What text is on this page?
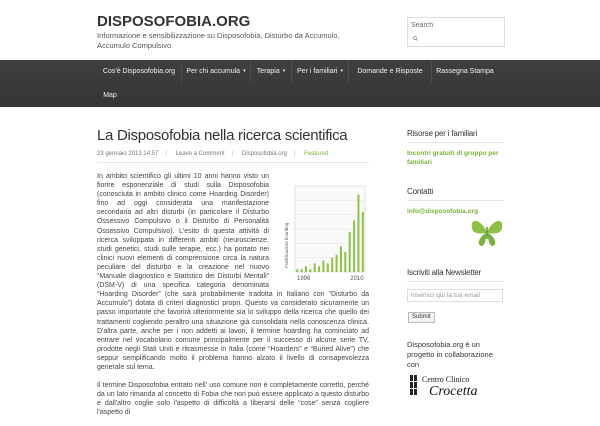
DISPOSOFOBIA.ORG
Informazione e sensibilizzazione su Disposofobia, Disturbo da Accumulo, Accumulo Compulsivo
Search
Cos'è Disposofobia.org	Per chi accumula ▾	Terapia ▾	Per i familiari ▾	Domande e Risposte	Rassegna Stampa
Map
La Disposofobia nella ricerca scientifica
23 gennaio 2013 14:57 | Leave a Comment | Disposofobia.org | Featured
1996	2010
Pubblicazioni hoarding

In ambito scientifico gli ultimi 10 anni hanno visto un fiorire esponenziale di studi sulla Disposofobia (conosciuta in ambito clinico come Hoarding Disorder) fino ad oggi considerata una manifestazione secondaria ad altri disturbi (in particolare il Disturbo Ossessivo Compulsivo o il Disturbo di Personalità Ossessivo Compulsivo). L'esito di questa attività di ricerca sviluppata in differenti ambiti (neuroscienze, studi genetici, studi sulle terapie, ecc.) ha portato nei clinici nuovi elementi di comprensione circa la natura peculiare del disturbo e la creazione nel nuovo “Manuale diagnostico e Statistico dei Disturbi Mentali” (DSM-V) di una specifica categoria denominata “Hoarding Disorder” (che sarà probabilmente tradotta in Italiano con “Disturbo da Accumulo”) dotata di criteri diagnostici propri. Questo va considerato sicuramente un passo importante che favorirà ulteriormente sia lo sviluppo della ricerca che quello dei trattamenti cogliendo peraltro una situazione già consolidata nella conoscenza clinica. D'altra parte, anche per i non addetti ai lavori, il termine hoarding ha cominciato ad entrare nel vocabolario comune principalmente per il successo di alcune serie TV, prodotte negli Stati Uniti e ritrasmesse in Italia (come “Hoarders” e “Buried Alive”) che seppur semplificando molto il problema hanno alzato il livello di consapevolezza generale sul tema.

Il termine Disposofobia entrato nell' uso comune non è completamente corretto, perché da un lato rimanda al concetto di Fobia che non può essere applicato a questo disturbo e dall'altro coglie solo l'aspetto di difficoltà a liberarsi delle “cose” senza cogliere l'aspetto di

Risorse per i familiari
Incontri gratuiti di gruppo per familiari
Contatti
info@disposofobia.org
Iscriviti alla Newsletter
inserisci qui la tua email
Submit
Disposofobia.org è un progetto in collaborazione con
Centro Clinico
Crocetta
